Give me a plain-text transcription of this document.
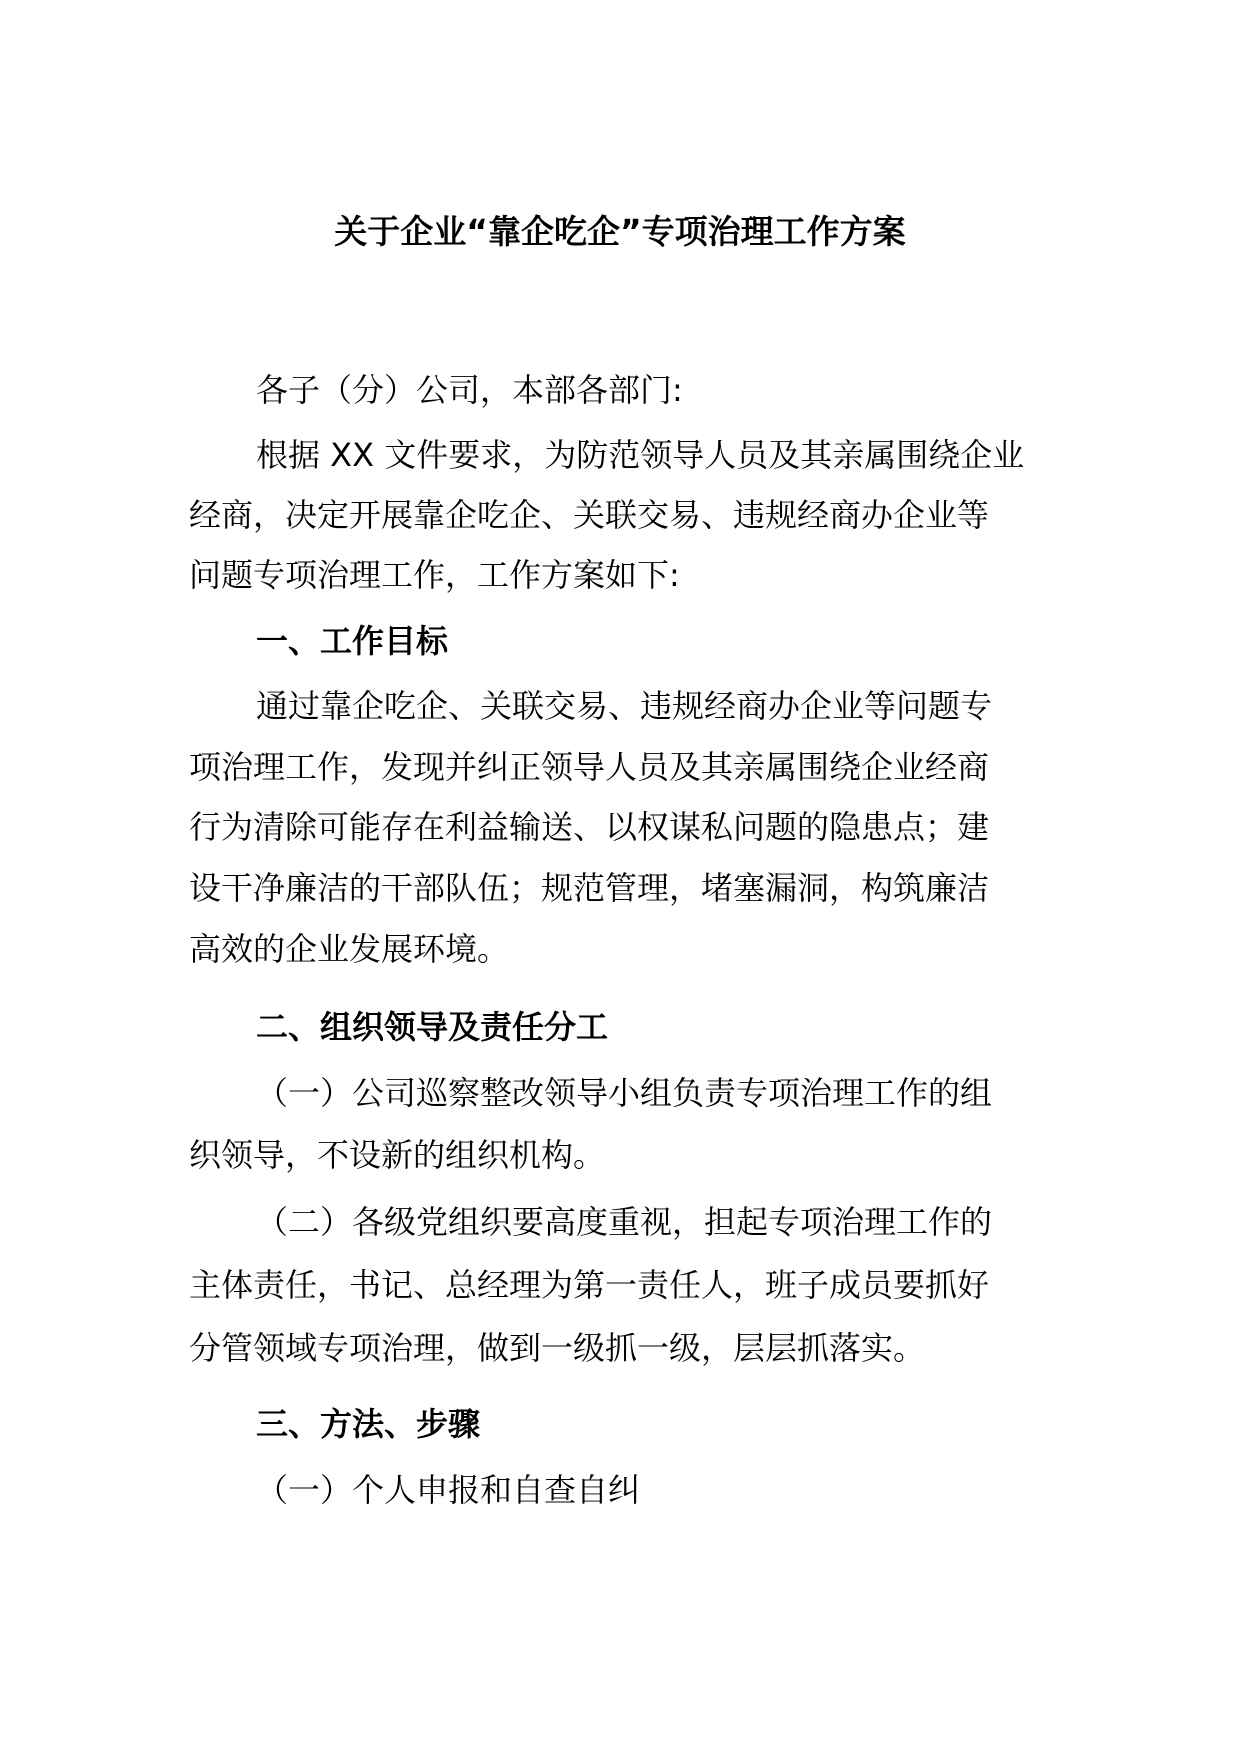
关于企业“靠企吃企”专项治理工作方案
各子（分）公司，本部各部门:
根据 XX 文件要求，为防范领导人员及其亲属围绕企业
经商，决定开展靠企吃企、关联交易、违规经商办企业等
问题专项治理工作，工作方案如下:
一、工作目标
通过靠企吃企、关联交易、违规经商办企业等问题专
项治理工作，发现并纠正领导人员及其亲属围绕企业经商
行为清除可能存在利益输送、以权谋私问题的隐患点；建
设干净廉洁的干部队伍；规范管理，堵塞漏洞，构筑廉洁
高效的企业发展环境。
二、组织领导及责任分工
（一）公司巡察整改领导小组负责专项治理工作的组
织领导，不设新的组织机构。
（二）各级党组织要高度重视，担起专项治理工作的
主体责任，书记、总经理为第一责任人，班子成员要抓好
分管领域专项治理，做到一级抓一级，层层抓落实。
三、方法、步骤
（一）个人申报和自查自纠
